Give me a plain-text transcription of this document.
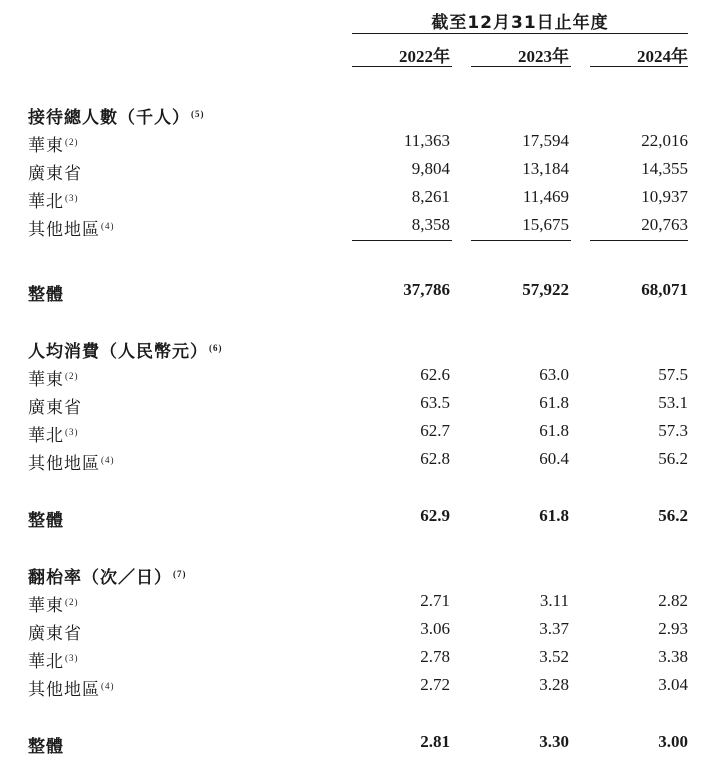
截至12月31日止年度
2022年	2023年	2024年
接待總人數（千人）$^{(5)}$
華東$^{(2)}$	11,363	17,594	22,016
廣東省	9,804	13,184	14,355
華北$^{(3)}$	8,261	11,469	10,937
其他地區$^{(4)}$	8,358	15,675	20,763
整體	37,786	57,922	68,071
人均消費（人民幣元）$^{(6)}$
華東$^{(2)}$	62.6	63.0	57.5
廣東省	63.5	61.8	53.1
華北$^{(3)}$	62.7	61.8	57.3
其他地區$^{(4)}$	62.8	60.4	56.2
整體	62.9	61.8	56.2
翻枱率（次／日）$^{(7)}$
華東$^{(2)}$	2.71	3.11	2.82
廣東省	3.06	3.37	2.93
華北$^{(3)}$	2.78	3.52	3.38
其他地區$^{(4)}$	2.72	3.28	3.04
整體	2.81	3.30	3.00
